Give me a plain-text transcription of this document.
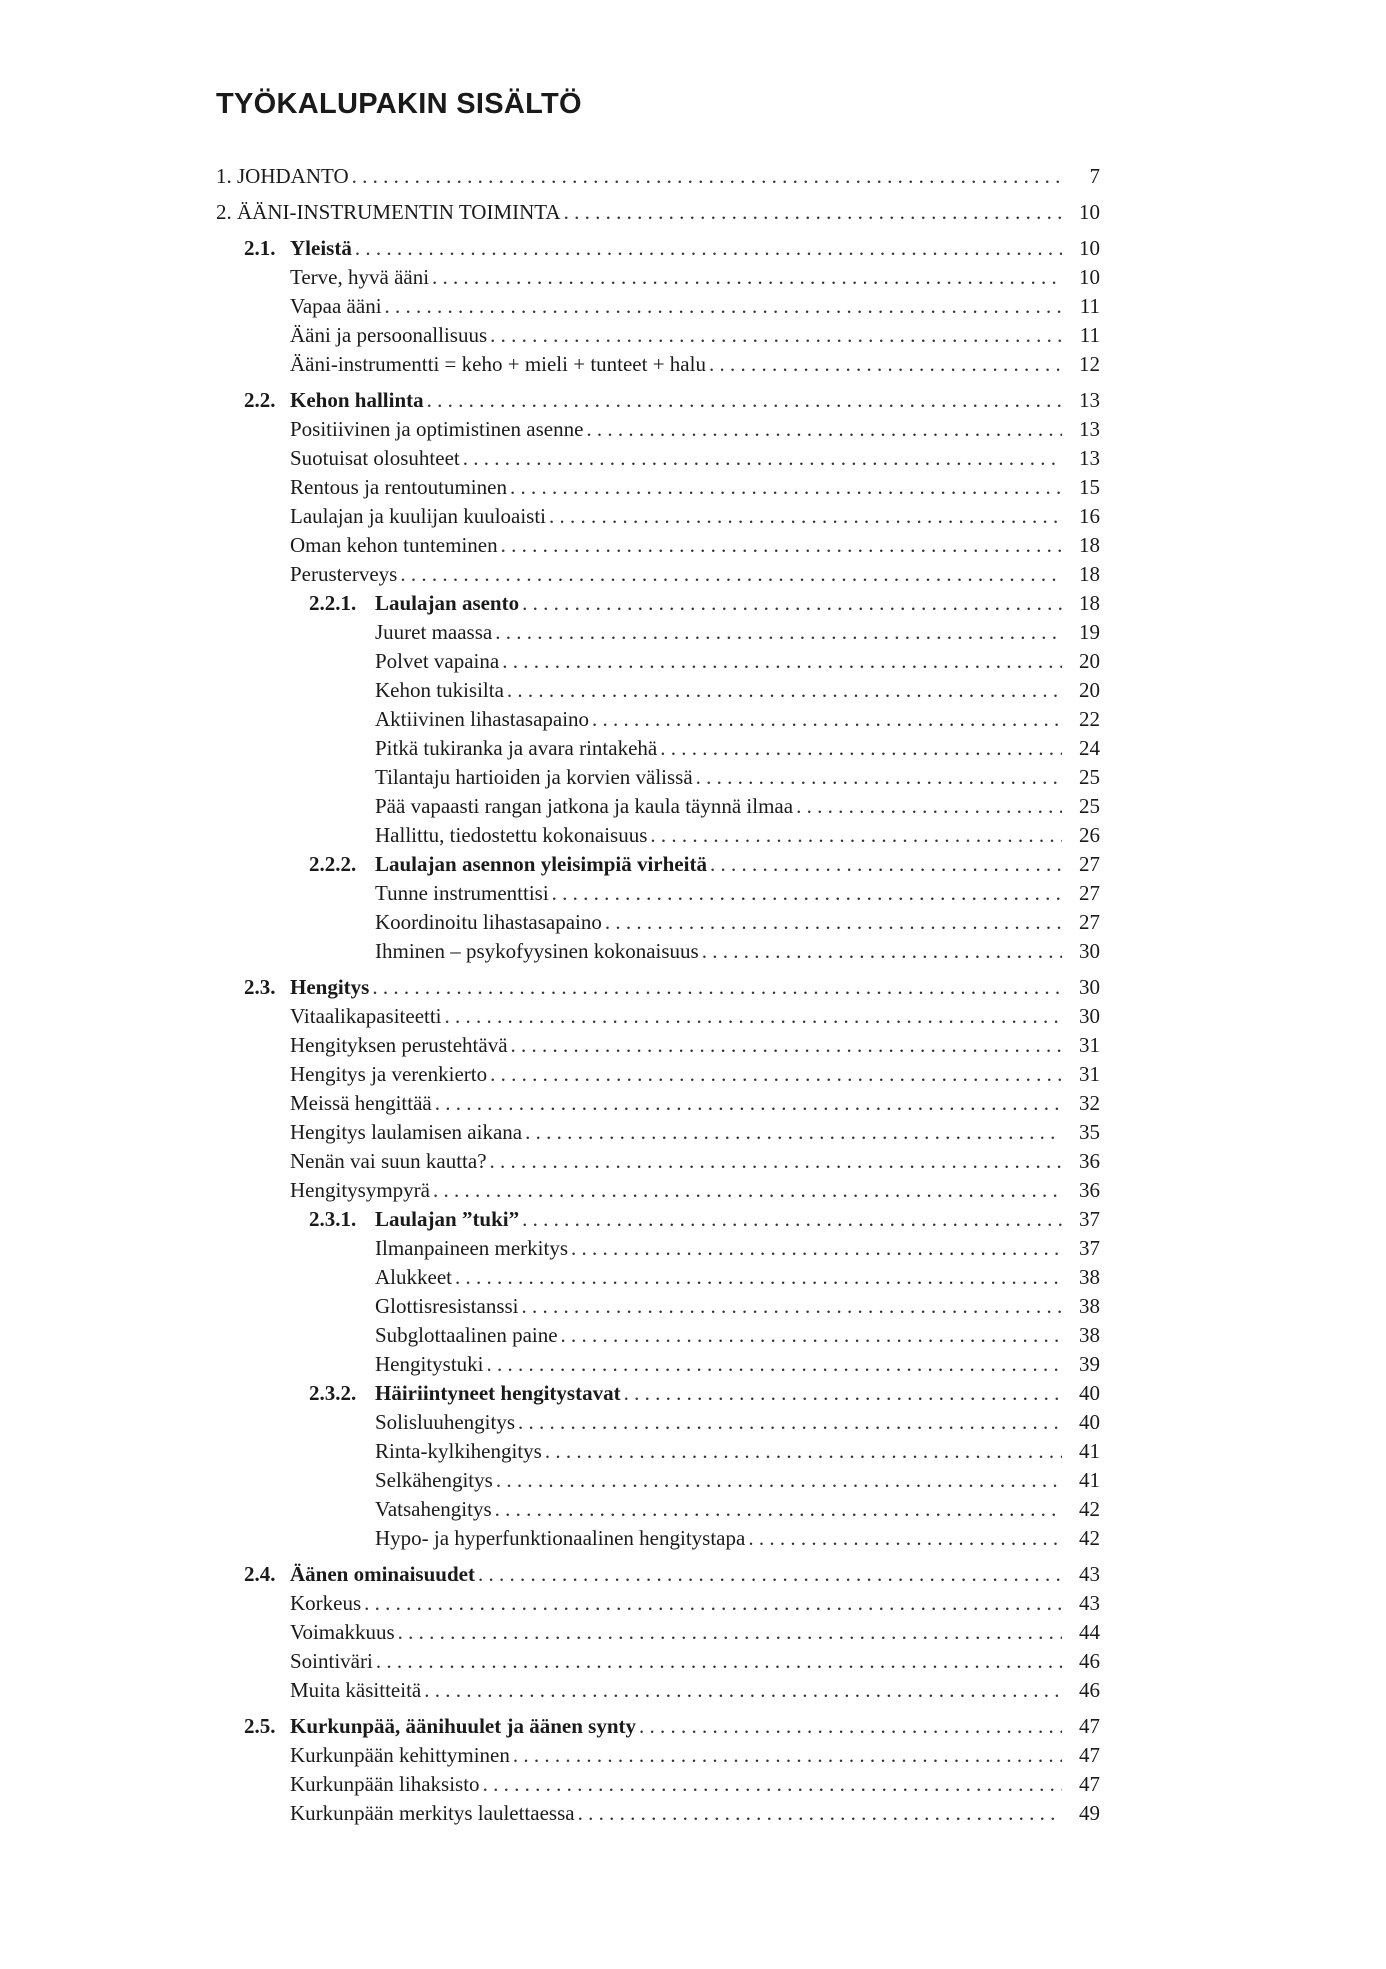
TYÖKALUPAKIN SISÄLTÖ
1. JOHDANTO . . .	7
2. ÄÄNI-INSTRUMENTIN TOIMINTA . . .	10
2.1. Yleistä . . .	10
Terve, hyvä ääni . . .	10
Vapaa ääni . . .	11
Ääni ja persoonallisuus . . .	11
Ääni-instrumentti = keho + mieli + tunteet + halu . . .	12
2.2. Kehon hallinta . . .	13
Positiivinen ja optimistinen asenne . . .	13
Suotuisat olosuhteet . . .	13
Rentous ja rentoutuminen . . .	15
Laulajan ja kuulijan kuuloaisti . . .	16
Oman kehon tunteminen . . .	18
Perusterveys . . .	18
2.2.1. Laulajan asento . . .	18
Juuret maassa . . .	19
Polvet vapaina . . .	20
Kehon tukisilta . . .	20
Aktiivinen lihastasapaino . . .	22
Pitkä tukiranka ja avara rintakehä . . .	24
Tilantaju hartioiden ja korvien välissä . . .	25
Pää vapaasti rangan jatkona ja kaula täynnä ilmaa . . .	25
Hallittu, tiedostettu kokonaisuus . . .	26
2.2.2. Laulajan asennon yleisimpiä virheitä . . .	27
Tunne instrumenttisi . . .	27
Koordinoitu lihastasapaino . . .	27
Ihminen – psykofyysinen kokonaisuus . . .	30
2.3. Hengitys . . .	30
Vitaalikapasiteetti . . .	30
Hengityksen perustehtävä . . .	31
Hengitys ja verenkierto . . .	31
Meissä hengittää . . .	32
Hengitys laulamisen aikana . . .	35
Nenän vai suun kautta? . . .	36
Hengitysympyrä . . .	36
2.3.1. Laulajan ”tuki” . . .	37
Ilmanpaineen merkitys . . .	37
Alukkeet . . .	38
Glottisresistanssi . . .	38
Subglottaalinen paine . . .	38
Hengitystuki . . .	39
2.3.2. Häiriintyneet hengitystavat . . .	40
Solisluuhengitys . . .	40
Rinta-kylkihengitys . . .	41
Selkähengitys . . .	41
Vatsahengitys . . .	42
Hypo- ja hyperfunktionaalinen hengitystapa . . .	42
2.4. Äänen ominaisuudet . . .	43
Korkeus . . .	43
Voimakkuus . . .	44
Sointiväri . . .	46
Muita käsitteitä . . .	46
2.5. Kurkunpää, äänihuulet ja äänen synty . . .	47
Kurkunpään kehittyminen . . .	47
Kurkunpään lihaksisto . . .	47
Kurkunpään merkitys laulettaessa . . .	49
